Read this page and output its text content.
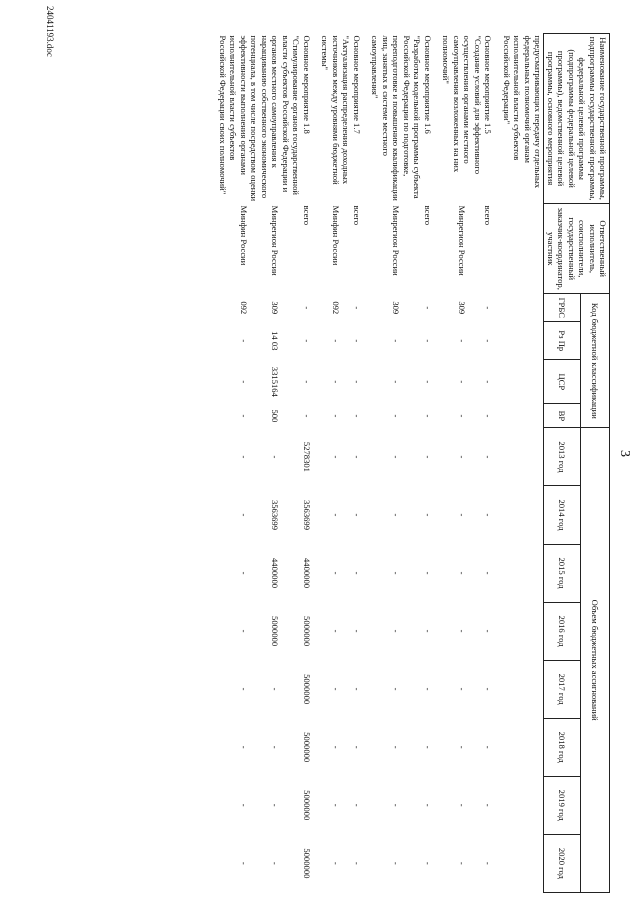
3
Наименование государственной программы, подпрограммы государственной программы, федеральной целевой программы (подпрограммы федеральной целевой программы), ведомственной целевой программы, основного мероприятия	Ответственный исполнитель, соисполнители, государственный заказчик-координатор, участник	Код бюджетной классификации				Объем бюджетных ассигнований							
		ГРБС	Рз Пр	ЦСР	ВР	2013 год	2014 год	2015 год	2016 год	2017 год	2018 год	2019 год	2020 год
предусматривающих передачу отдельных федеральных полномочий органам исполнительной власти субъектов Российской Федерации"													

Основное мероприятие 1.5
"Создание условий для эффективного осуществления органами местного самоуправления возложенных на них полномочий"	всего	-	-	-	-	-	-	-	-	-	-	-	-
	Минрегион России	309	-	-	-	-	-	-	-	-	-	-	-

Основное мероприятие 1.6
"Разработка модельной программы субъекта Российской Федерации по подготовке, переподготовке и повышению квалификации лиц, занятых в системе местного самоуправления"	всего	-	-	-	-	-	-	-	-	-	-	-	-
	Минрегион России	309	-	-	-	-	-	-	-	-	-	-	-

Основное мероприятие 1.7
"Актуализация распределения доходных источников между уровнями бюджетной системы"	всего	-	-	-	-	-	-	-	-	-	-	-	-
	Минфин России	092	-	-	-	-	-	-	-	-	-	-	-

Основное мероприятие 1.8
"Стимулирование органов государственной власти субъектов Российской Федерации и органов местного самоуправления к наращиванию собственного экономического потенциала, в том числе посредством оценки эффективности выполнения органами исполнительной власти субъектов Российской Федерации своих полномочий"	всего	-	-	-	-	5278301	3563699	4400000	5000000	5000000	5000000	5000000	5000000
	Минрегион России	309	14 03	3315164	500	-	3563699	4400000	5000000	-	-	-	-
	Минфин России	092	-	-	-	-	-	-	-	-	-	-	-

24041193.doc
